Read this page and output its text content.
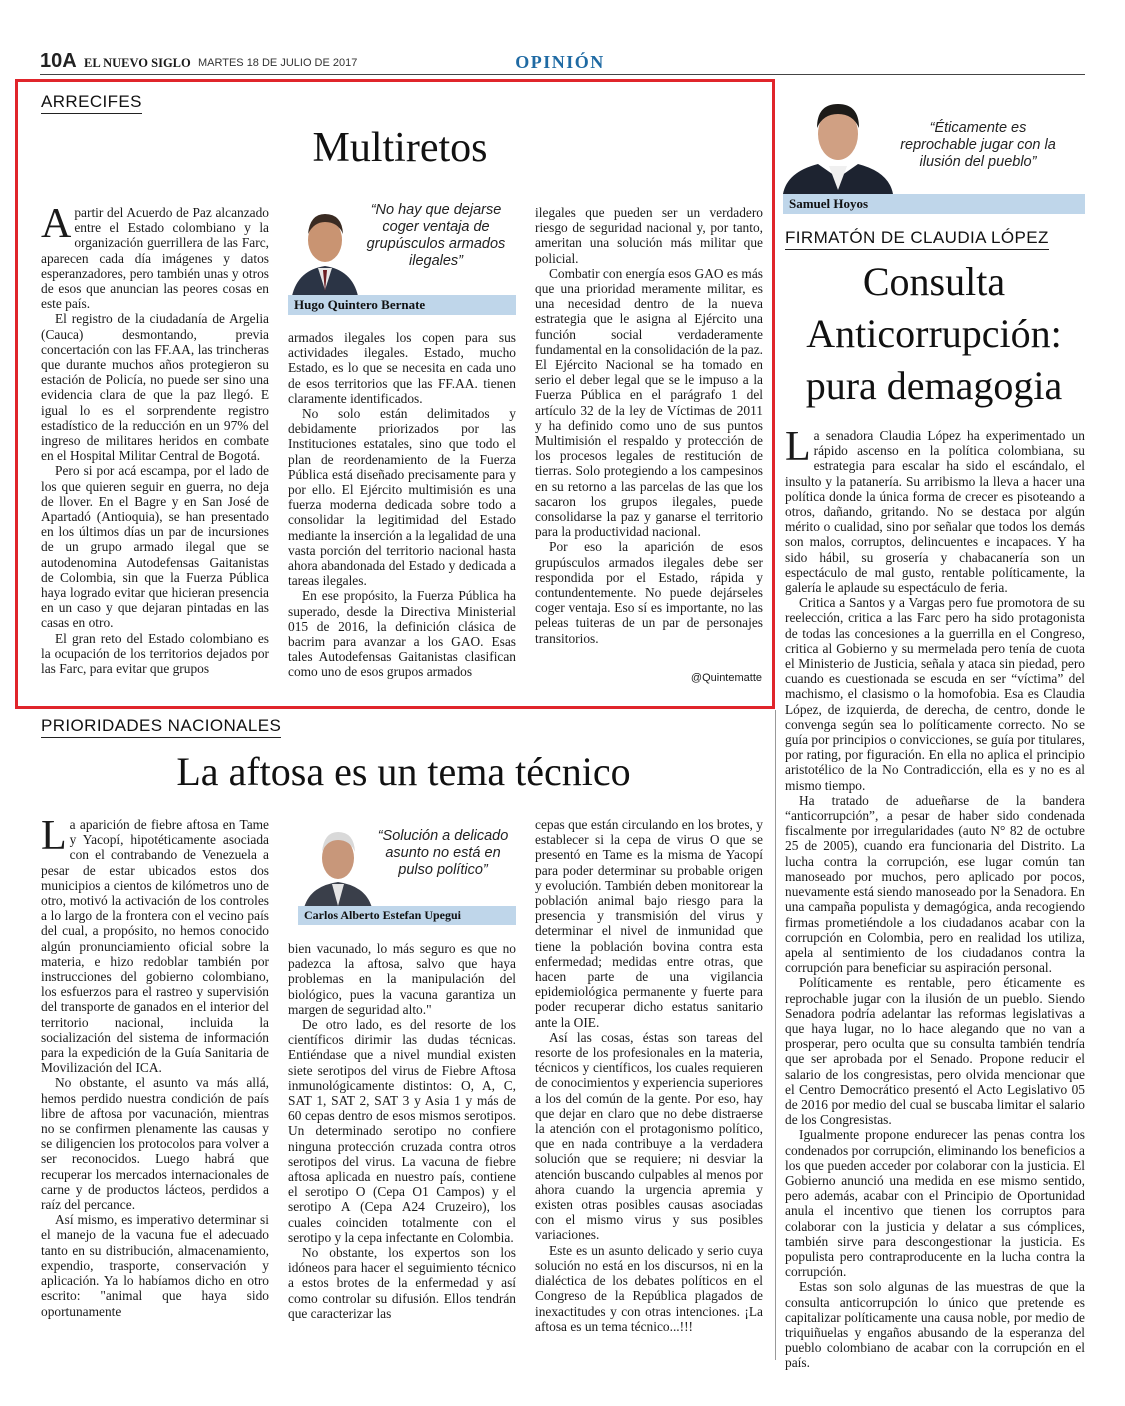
10A EL NUEVO SIGLO MARTES 18 DE JULIO DE 2017	OPINIÓN
ARRECIFES
Multiretos

A partir del Acuerdo de Paz alcanzado entre el Estado colombiano y la organización guerrillera de las Farc, aparecen cada día imágenes y datos esperanzadores, pero también unas y otros de esos que anuncian las peores cosas en este país.

El registro de la ciudadanía de Argelia (Cauca) desmontando, previa concertación con las FF.AA, las trincheras que durante muchos años protegieron su estación de Policía, no puede ser sino una evidencia clara de que la paz llegó. E igual lo es el sorprendente registro estadístico de la reducción en un 97% del ingreso de militares heridos en combate en el Hospital Militar Central de Bogotá.

Pero si por acá escampa, por el lado de los que quieren seguir en guerra, no deja de llover. En el Bagre y en San José de Apartadó (Antioquia), se han presentado en los últimos días un par de incursiones de un grupo armado ilegal que se autodenomina Autodefensas Gaitanistas de Colombia, sin que la Fuerza Pública haya logrado evitar que hicieran presencia en un caso y que dejaran pintadas en las casas en otro.

El gran reto del Estado colombiano es la ocupación de los territorios dejados por las Farc, para evitar que grupos

“No hay que dejarse coger ventaja de grupúsculos armados ilegales”
Hugo Quintero Bernate

armados ilegales los copen para sus actividades ilegales. Estado, mucho Estado, es lo que se necesita en cada uno de esos territorios que las FF.AA. tienen claramente identificados.

No solo están delimitados y debidamente priorizados por las Instituciones estatales, sino que todo el plan de reordenamiento de la Fuerza Pública está diseñado precisamente para y por ello. El Ejército multimisión es una fuerza moderna dedicada sobre todo a consolidar la legitimidad del Estado mediante la inserción a la legalidad de una vasta porción del territorio nacional hasta ahora abandonada del Estado y dedicada a tareas ilegales.

En ese propósito, la Fuerza Pública ha superado, desde la Directiva Ministerial 015 de 2016, la definición clásica de bacrim para avanzar a los GAO. Esas tales Autodefensas Gaitanistas clasifican como uno de esos grupos armados

ilegales que pueden ser un verdadero riesgo de seguridad nacional y, por tanto, ameritan una solución más militar que policial.

Combatir con energía esos GAO es más que una prioridad meramente militar, es una necesidad dentro de la nueva estrategia que le asigna al Ejército una función social verdaderamente fundamental en la consolidación de la paz. El Ejército Nacional se ha tomado en serio el deber legal que se le impuso a la Fuerza Pública en el parágrafo 1 del artículo 32 de la ley de Víctimas de 2011 y ha definido como uno de sus puntos Multimisión el respaldo y protección de los procesos legales de restitución de tierras. Solo protegiendo a los campesinos en su retorno a las parcelas de las que los sacaron los grupos ilegales, puede consolidarse la paz y ganarse el territorio para la productividad nacional.

Por eso la aparición de esos grupúsculos armados ilegales debe ser respondida por el Estado, rápida y contundentemente. No puede dejárseles coger ventaja. Eso sí es importante, no las peleas tuiteras de un par de personajes transitorios.

@Quintematte
“Éticamente es reprochable jugar con la ilusión del pueblo”
Samuel Hoyos
FIRMATÓN DE CLAUDIA LÓPEZ
Consulta
Anticorrupción:
pura demagogia

La senadora Claudia López ha experimentado un rápido ascenso en la política colombiana, su estrategia para escalar ha sido el escándalo, el insulto y la patanería. Su arribismo la lleva a hacer una política donde la única forma de crecer es pisoteando a otros, dañando, gritando. No se destaca por algún mérito o cualidad, sino por señalar que todos los demás son malos, corruptos, delincuentes e incapaces. Y ha sido hábil, su grosería y chabacanería son un espectáculo de mal gusto, rentable políticamente, la galería le aplaude su espectáculo de feria.

Critica a Santos y a Vargas pero fue promotora de su reelección, critica a las Farc pero ha sido protagonista de todas las concesiones a la guerrilla en el Congreso, critica al Gobierno y su mermelada pero tenía de cuota el Ministerio de Justicia, señala y ataca sin piedad, pero cuando es cuestionada se escuda en ser “víctima” del machismo, el clasismo o la homofobia. Esa es Claudia López, de izquierda, de derecha, de centro, donde le convenga según sea lo políticamente correcto. No se guía por principios o convicciones, se guía por titulares, por rating, por figuración. En ella no aplica el principio aristotélico de la No Contradicción, ella es y no es al mismo tiempo.

Ha tratado de adueñarse de la bandera “anticorrupción”, a pesar de haber sido condenada fiscalmente por irregularidades (auto N° 82 de octubre 25 de 2005), cuando era funcionaria del Distrito. La lucha contra la corrupción, ese lugar común tan manoseado por muchos, pero aplicado por pocos, nuevamente está siendo manoseado por la Senadora. En una campaña populista y demagógica, anda recogiendo firmas prometiéndole a los ciudadanos acabar con la corrupción en Colombia, pero en realidad los utiliza, apela al sentimiento de los ciudadanos contra la corrupción para beneficiar su aspiración personal.

Políticamente es rentable, pero éticamente es reprochable jugar con la ilusión de un pueblo. Siendo Senadora podría adelantar las reformas legislativas a que haya lugar, no lo hace alegando que no van a prosperar, pero oculta que su consulta también tendría que ser aprobada por el Senado. Propone reducir el salario de los congresistas, pero olvida mencionar que el Centro Democrático presentó el Acto Legislativo 05 de 2016 por medio del cual se buscaba limitar el salario de los Congresistas.

Igualmente propone endurecer las penas contra los condenados por corrupción, eliminando los beneficios a los que pueden acceder por colaborar con la justicia. El Gobierno anunció una medida en ese mismo sentido, pero además, acabar con el Principio de Oportunidad anula el incentivo que tienen los corruptos para colaborar con la justicia y delatar a sus cómplices, también sirve para descongestionar la justicia. Es populista pero contraproducente en la lucha contra la corrupción.

Estas son solo algunas de las muestras de que la consulta anticorrupción lo único que pretende es capitalizar políticamente una causa noble, por medio de triquiñuelas y engaños abusando de la esperanza del pueblo colombiano de acabar con la corrupción en el país.

PRIORIDADES NACIONALES
La aftosa es un tema técnico

La aparición de fiebre aftosa en Tame y Yacopí, hipotéticamente asociada con el contrabando de Venezuela a pesar de estar ubicados estos dos municipios a cientos de kilómetros uno de otro, motivó la activación de los controles a lo largo de la frontera con el vecino país del cual, a propósito, no hemos conocido algún pronunciamiento oficial sobre la materia, e hizo redoblar también por instrucciones del gobierno colombiano, los esfuerzos para el rastreo y supervisión del transporte de ganados en el interior del territorio nacional, incluida la socialización del sistema de información para la expedición de la Guía Sanitaria de Movilización del ICA.

No obstante, el asunto va más allá, hemos perdido nuestra condición de país libre de aftosa por vacunación, mientras no se confirmen plenamente las causas y se diligencien los protocolos para volver a ser reconocidos. Luego habrá que recuperar los mercados internacionales de carne y de productos lácteos, perdidos a raíz del percance.

Así mismo, es imperativo determinar si el manejo de la vacuna fue el adecuado tanto en su distribución, almacenamiento, expendio, trasporte, conservación y aplicación. Ya lo habíamos dicho en otro escrito: "animal que haya sido oportunamente

“Solución a delicado asunto no está en pulso político”
Carlos Alberto Estefan Upegui

bien vacunado, lo más seguro es que no padezca la aftosa, salvo que haya problemas en la manipulación del biológico, pues la vacuna garantiza un margen de seguridad alto."

De otro lado, es del resorte de los científicos dirimir las dudas técnicas. Entiéndase que a nivel mundial existen siete serotipos del virus de Fiebre Aftosa inmunológicamente distintos: O, A, C, SAT 1, SAT 2, SAT 3 y Asia 1 y más de 60 cepas dentro de esos mismos serotipos. Un determinado serotipo no confiere ninguna protección cruzada contra otros serotipos del virus. La vacuna de fiebre aftosa aplicada en nuestro país, contiene el serotipo O (Cepa O1 Campos) y el serotipo A (Cepa A24 Cruzeiro), los cuales coinciden totalmente con el serotipo y la cepa infectante en Colombia.

No obstante, los expertos son los idóneos para hacer el seguimiento técnico a estos brotes de la enfermedad y así como controlar su difusión. Ellos tendrán que caracterizar las

cepas que están circulando en los brotes, y establecer si la cepa de virus O que se presentó en Tame es la misma de Yacopí para poder determinar su probable origen y evolución. También deben monitorear la población animal bajo riesgo para la presencia y transmisión del virus y determinar el nivel de inmunidad que tiene la población bovina contra esta enfermedad; medidas entre otras, que hacen parte de una vigilancia epidemiológica permanente y fuerte para poder recuperar dicho estatus sanitario ante la OIE.

Así las cosas, éstas son tareas del resorte de los profesionales en la materia, técnicos y científicos, los cuales requieren de conocimientos y experiencia superiores a los del común de la gente. Por eso, hay que dejar en claro que no debe distraerse la atención con el protagonismo político, que en nada contribuye a la verdadera solución que se requiere; ni desviar la atención buscando culpables al menos por ahora cuando la urgencia apremia y existen otras posibles causas asociadas con el mismo virus y sus posibles variaciones.

Este es un asunto delicado y serio cuya solución no está en los discursos, ni en la dialéctica de los debates políticos en el Congreso de la República plagados de inexactitudes y con otras intenciones. ¡La aftosa es un tema técnico...!!!
